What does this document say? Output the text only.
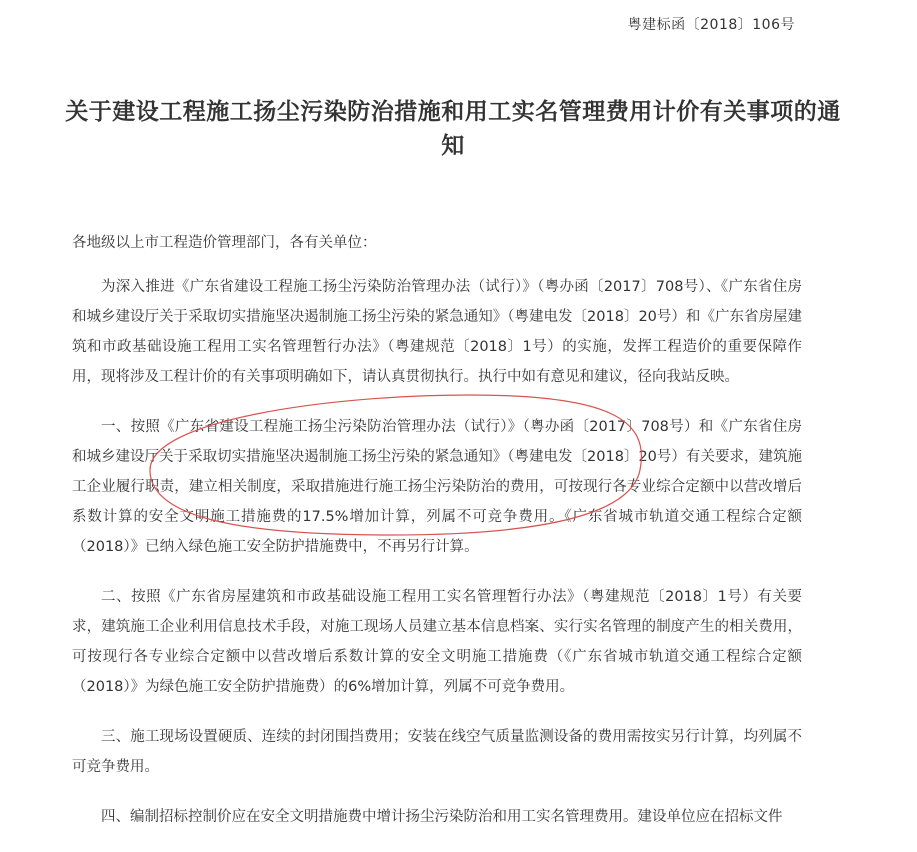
粤建标函〔2018〕106号
关于建设工程施工扬尘污染防治措施和用工实名管理费用计价有关事项的通知

各地级以上市工程造价管理部门，各有关单位：

为深入推进《广东省建设工程施工扬尘污染防治管理办法（试行）》（粤办函〔2017〕708号）、《广东省住房和城乡建设厅关于采取切实措施坚决遏制施工扬尘污染的紧急通知》（粤建电发〔2018〕20号）和《广东省房屋建筑和市政基础设施工程用工实名管理暂行办法》（粤建规范〔2018〕1号）的实施，发挥工程造价的重要保障作用，现将涉及工程计价的有关事项明确如下，请认真贯彻执行。执行中如有意见和建议，径向我站反映。

一、按照《广东省建设工程施工扬尘污染防治管理办法（试行）》（粤办函〔2017〕708号）和《广东省住房和城乡建设厅关于采取切实措施坚决遏制施工扬尘污染的紧急通知》（粤建电发〔2018〕20号）有关要求，建筑施工企业履行职责，建立相关制度，采取措施进行施工扬尘污染防治的费用，可按现行各专业综合定额中以营改增后系数计算的安全文明施工措施费的17.5%增加计算，列属不可竞争费用。《广东省城市轨道交通工程综合定额（2018）》已纳入绿色施工安全防护措施费中，不再另行计算。

二、按照《广东省房屋建筑和市政基础设施工程用工实名管理暂行办法》（粤建规范〔2018〕1号）有关要求，建筑施工企业利用信息技术手段，对施工现场人员建立基本信息档案、实行实名管理的制度产生的相关费用，可按现行各专业综合定额中以营改增后系数计算的安全文明施工措施费（《广东省城市轨道交通工程综合定额（2018）》为绿色施工安全防护措施费）的6%增加计算，列属不可竞争费用。

三、施工现场设置硬质、连续的封闭围挡费用；安装在线空气质量监测设备的费用需按实另行计算，均列属不可竞争费用。

四、编制招标控制价应在安全文明措施费中增计扬尘污染防治和用工实名管理费用。建设单位应在招标文件
